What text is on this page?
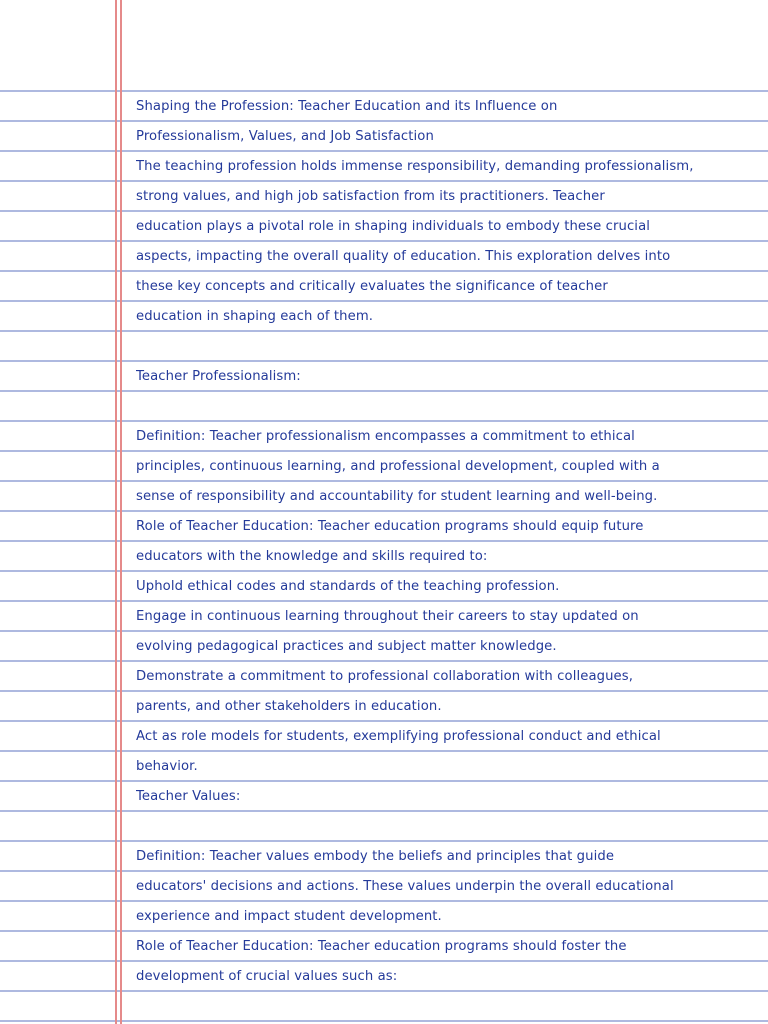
Shaping the Profession: Teacher Education and its Influence on
Professionalism, Values, and Job Satisfaction
The teaching profession holds immense responsibility, demanding professionalism,
strong values, and high job satisfaction from its practitioners. Teacher
education plays a pivotal role in shaping individuals to embody these crucial
aspects, impacting the overall quality of education. This exploration delves into
these key concepts and critically evaluates the significance of teacher
education in shaping each of them.
Teacher Professionalism:
Definition: Teacher professionalism encompasses a commitment to ethical
principles, continuous learning, and professional development, coupled with a
sense of responsibility and accountability for student learning and well-being.
Role of Teacher Education: Teacher education programs should equip future
educators with the knowledge and skills required to:
Uphold ethical codes and standards of the teaching profession.
Engage in continuous learning throughout their careers to stay updated on
evolving pedagogical practices and subject matter knowledge.
Demonstrate a commitment to professional collaboration with colleagues,
parents, and other stakeholders in education.
Act as role models for students, exemplifying professional conduct and ethical
behavior.
Teacher Values:
Definition: Teacher values embody the beliefs and principles that guide
educators' decisions and actions. These values underpin the overall educational
experience and impact student development.
Role of Teacher Education: Teacher education programs should foster the
development of crucial values such as:
